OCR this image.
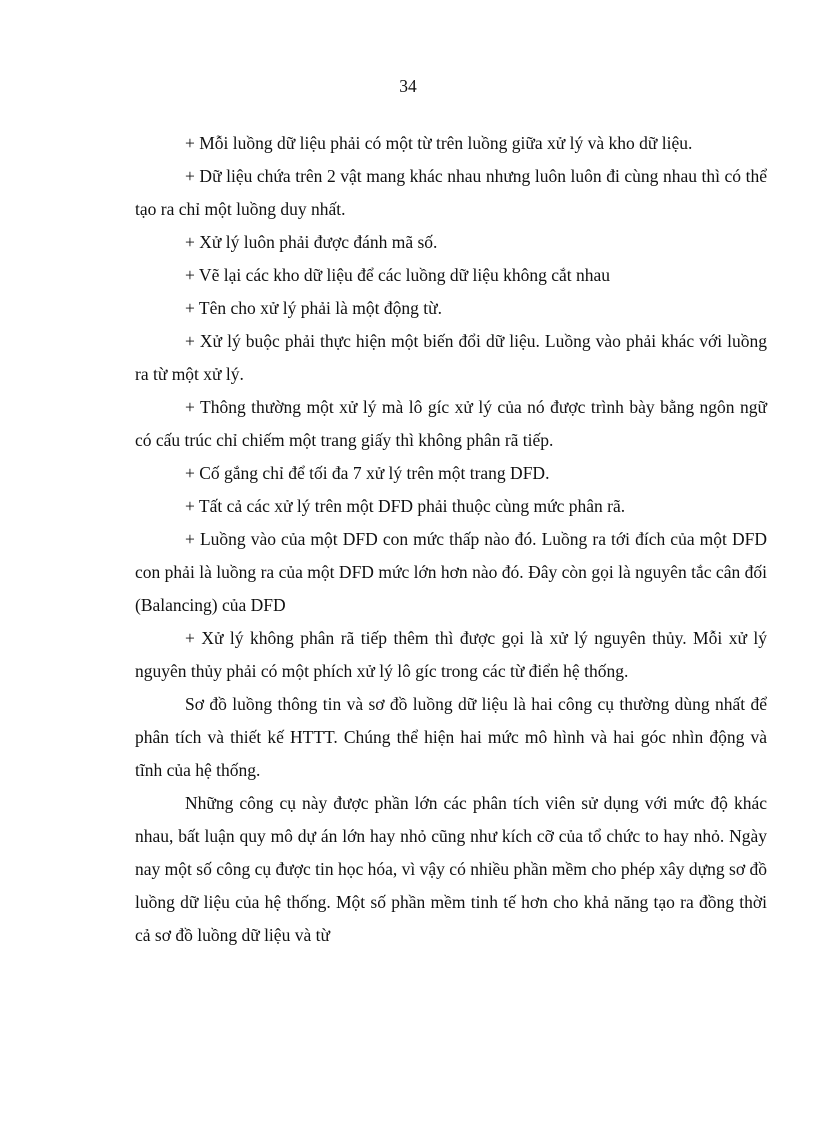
34

+ Mỗi luồng dữ liệu phải có một từ trên luồng giữa xử lý và kho dữ liệu.

+ Dữ liệu chứa trên 2 vật mang khác nhau nhưng luôn luôn đi cùng nhau thì có thể tạo ra chỉ một luồng duy nhất.

+ Xử lý luôn phải được đánh mã số.

+ Vẽ lại các kho dữ liệu để các luồng dữ liệu không cắt nhau

+ Tên cho xử lý phải là một động từ.

+ Xử lý buộc phải thực hiện một biến đổi dữ liệu. Luồng vào phải khác với luồng ra từ một xử lý.

+ Thông thường một xử lý mà lô gíc xử lý của nó được trình bày bằng ngôn ngữ có cấu trúc chỉ chiếm một trang giấy thì không phân rã tiếp.

+ Cố gắng chỉ để tối đa 7 xử lý trên một trang DFD.

+ Tất cả các xử lý trên một DFD phải thuộc cùng mức phân rã.

+ Luồng vào của một DFD con mức thấp nào đó. Luồng ra tới đích của một DFD con phải là luồng ra của một DFD mức lớn hơn nào đó. Đây còn gọi là nguyên tắc cân đối (Balancing) của DFD

+ Xử lý không phân rã tiếp thêm thì được gọi là xử lý nguyên thủy. Mỗi xử lý nguyên thủy phải có một phích xử lý lô gíc trong các từ điển hệ thống.

Sơ đồ luồng thông tin và sơ đồ luồng dữ liệu là hai công cụ thường dùng nhất để phân tích và thiết kế HTTT. Chúng thể hiện hai mức mô hình và hai góc nhìn động và tĩnh của hệ thống.

Những công cụ này được phần lớn các phân tích viên sử dụng với mức độ khác nhau, bất luận quy mô dự án lớn hay nhỏ cũng như kích cỡ của tổ chức to hay nhỏ. Ngày nay một số công cụ được tin học hóa, vì vậy có nhiều phần mềm cho phép xây dựng sơ đồ luồng dữ liệu của hệ thống. Một số phần mềm tinh tế hơn cho khả năng tạo ra đồng thời cả sơ đồ luồng dữ liệu và từ
